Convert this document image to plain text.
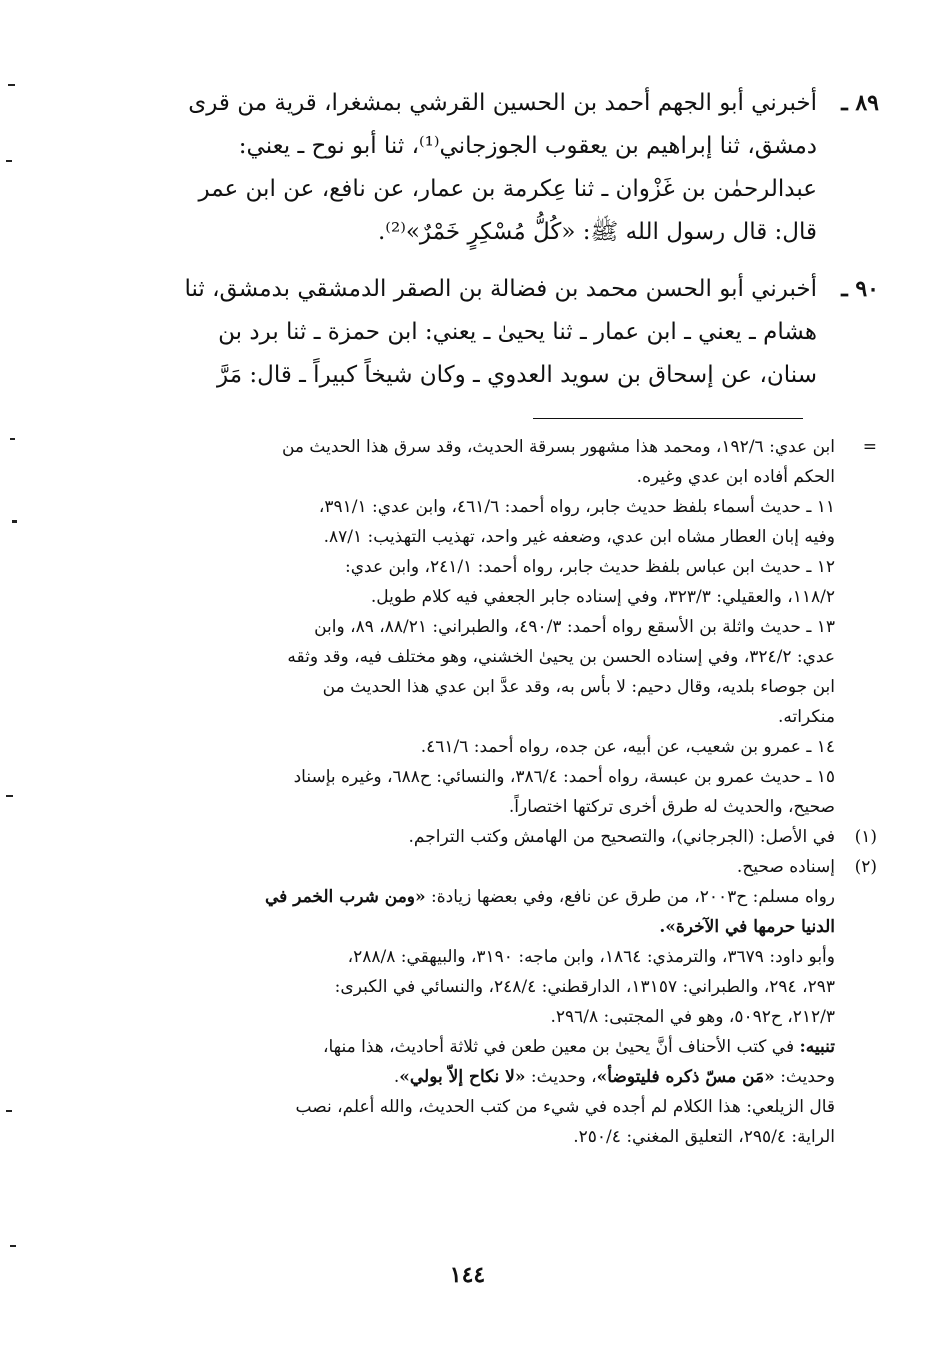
٨٩ ـ
أخبرني أبو الجهم أحمد بن الحسين القرشي بمشغرا، قرية من قرى
دمشق، ثنا إبراهيم بن يعقوب الجوزجاني⁽¹⁾، ثنا أبو نوح ـ يعني:
عبدالرحمٰن بن غَزْوان ـ ثنا عِكرمة بن عمار، عن نافع، عن ابن عمر
قال: قال رسول الله ﷺ: «كُلُّ مُسْكِرٍ خَمْرٌ»⁽²⁾.
٩٠ ـ
أخبرني أبو الحسن محمد بن فضالة بن الصقر الدمشقي بدمشق، ثنا
هشام ـ يعني ـ ابن عمار ـ ثنا يحيىٰ ـ يعني: ابن حمزة ـ ثنا برد بن
سنان، عن إسحاق بن سويد العدوي ـ وكان شيخاً كبيراً ـ قال: مَرَّ
=
ابن عدي: ١٩٢/٦، ومحمد هذا مشهور بسرقة الحديث، وقد سرق هذا الحديث من
الحكم أفاده ابن عدي وغيره.
١١ ـ حديث أسماء بلفظ حديث جابر، رواه أحمد: ٤٦١/٦، وابن عدي: ٣٩١/١،
وفيه إبان العطار مشاه ابن عدي، وضعفه غير واحد، تهذيب التهذيب: ٨٧/١.
١٢ ـ حديث ابن عباس بلفظ حديث جابر، رواه أحمد: ٢٤١/١، وابن عدي:
١١٨/٢، والعقيلي: ٣٢٣/٣، وفي إسناده جابر الجعفي فيه كلام طويل.
١٣ ـ حديث واثلة بن الأسقع رواه أحمد: ٤٩٠/٣، والطبراني: ٨٨/٢١، ٨٩، وابن
عدي: ٣٢٤/٢، وفي إسناده الحسن بن يحيىٰ الخشني، وهو مختلف فيه، وقد وثقه
ابن جوصاء بلديه، وقال دحيم: لا بأس به، وقد عدَّ ابن عدي هذا الحديث من
منكراته.
١٤ ـ عمرو بن شعيب، عن أبيه، عن جده، رواه أحمد: ٤٦١/٦.
١٥ ـ حديث عمرو بن عبسة، رواه أحمد: ٣٨٦/٤، والنسائي: ح٦٨٨، وغيره بإسناد
صحيح، والحديث له طرق أخرى تركتها اختصاراً.
(١)
في الأصل: (الجرجاني)، والتصحيح من الهامش وكتب التراجم.
(٢)
إسناده صحيح.
رواه مسلم: ح٢٠٠٣، من طرق عن نافع، وفي بعضها زيادة: «ومن شرب الخمر في
الدنيا حرمها في الآخرة».
وأبو داود: ٣٦٧٩، والترمذي: ١٨٦٤، وابن ماجه: ٣١٩٠، والبيهقي: ٢٨٨/٨،
٢٩٣، ٢٩٤، والطبراني: ١٣١٥٧، الدارقطني: ٢٤٨/٤، والنسائي في الكبرى:
٢١٢/٣، ح٥٠٩٢، وهو في المجتبى: ٢٩٦/٨.
تنبيه: في كتب الأحناف أنَّ يحيىٰ بن معين طعن في ثلاثة أحاديث، هذا منها،
وحديث: «مَن مسّ ذكره فليتوضأ»، وحديث: «لا نكاح إلاّ بولي».
قال الزيلعي: هذا الكلام لم أجده في شيء من كتب الحديث، والله أعلم، نصب
الراية: ٢٩٥/٤، التعليق المغني: ٢٥٠/٤.
١٤٤
